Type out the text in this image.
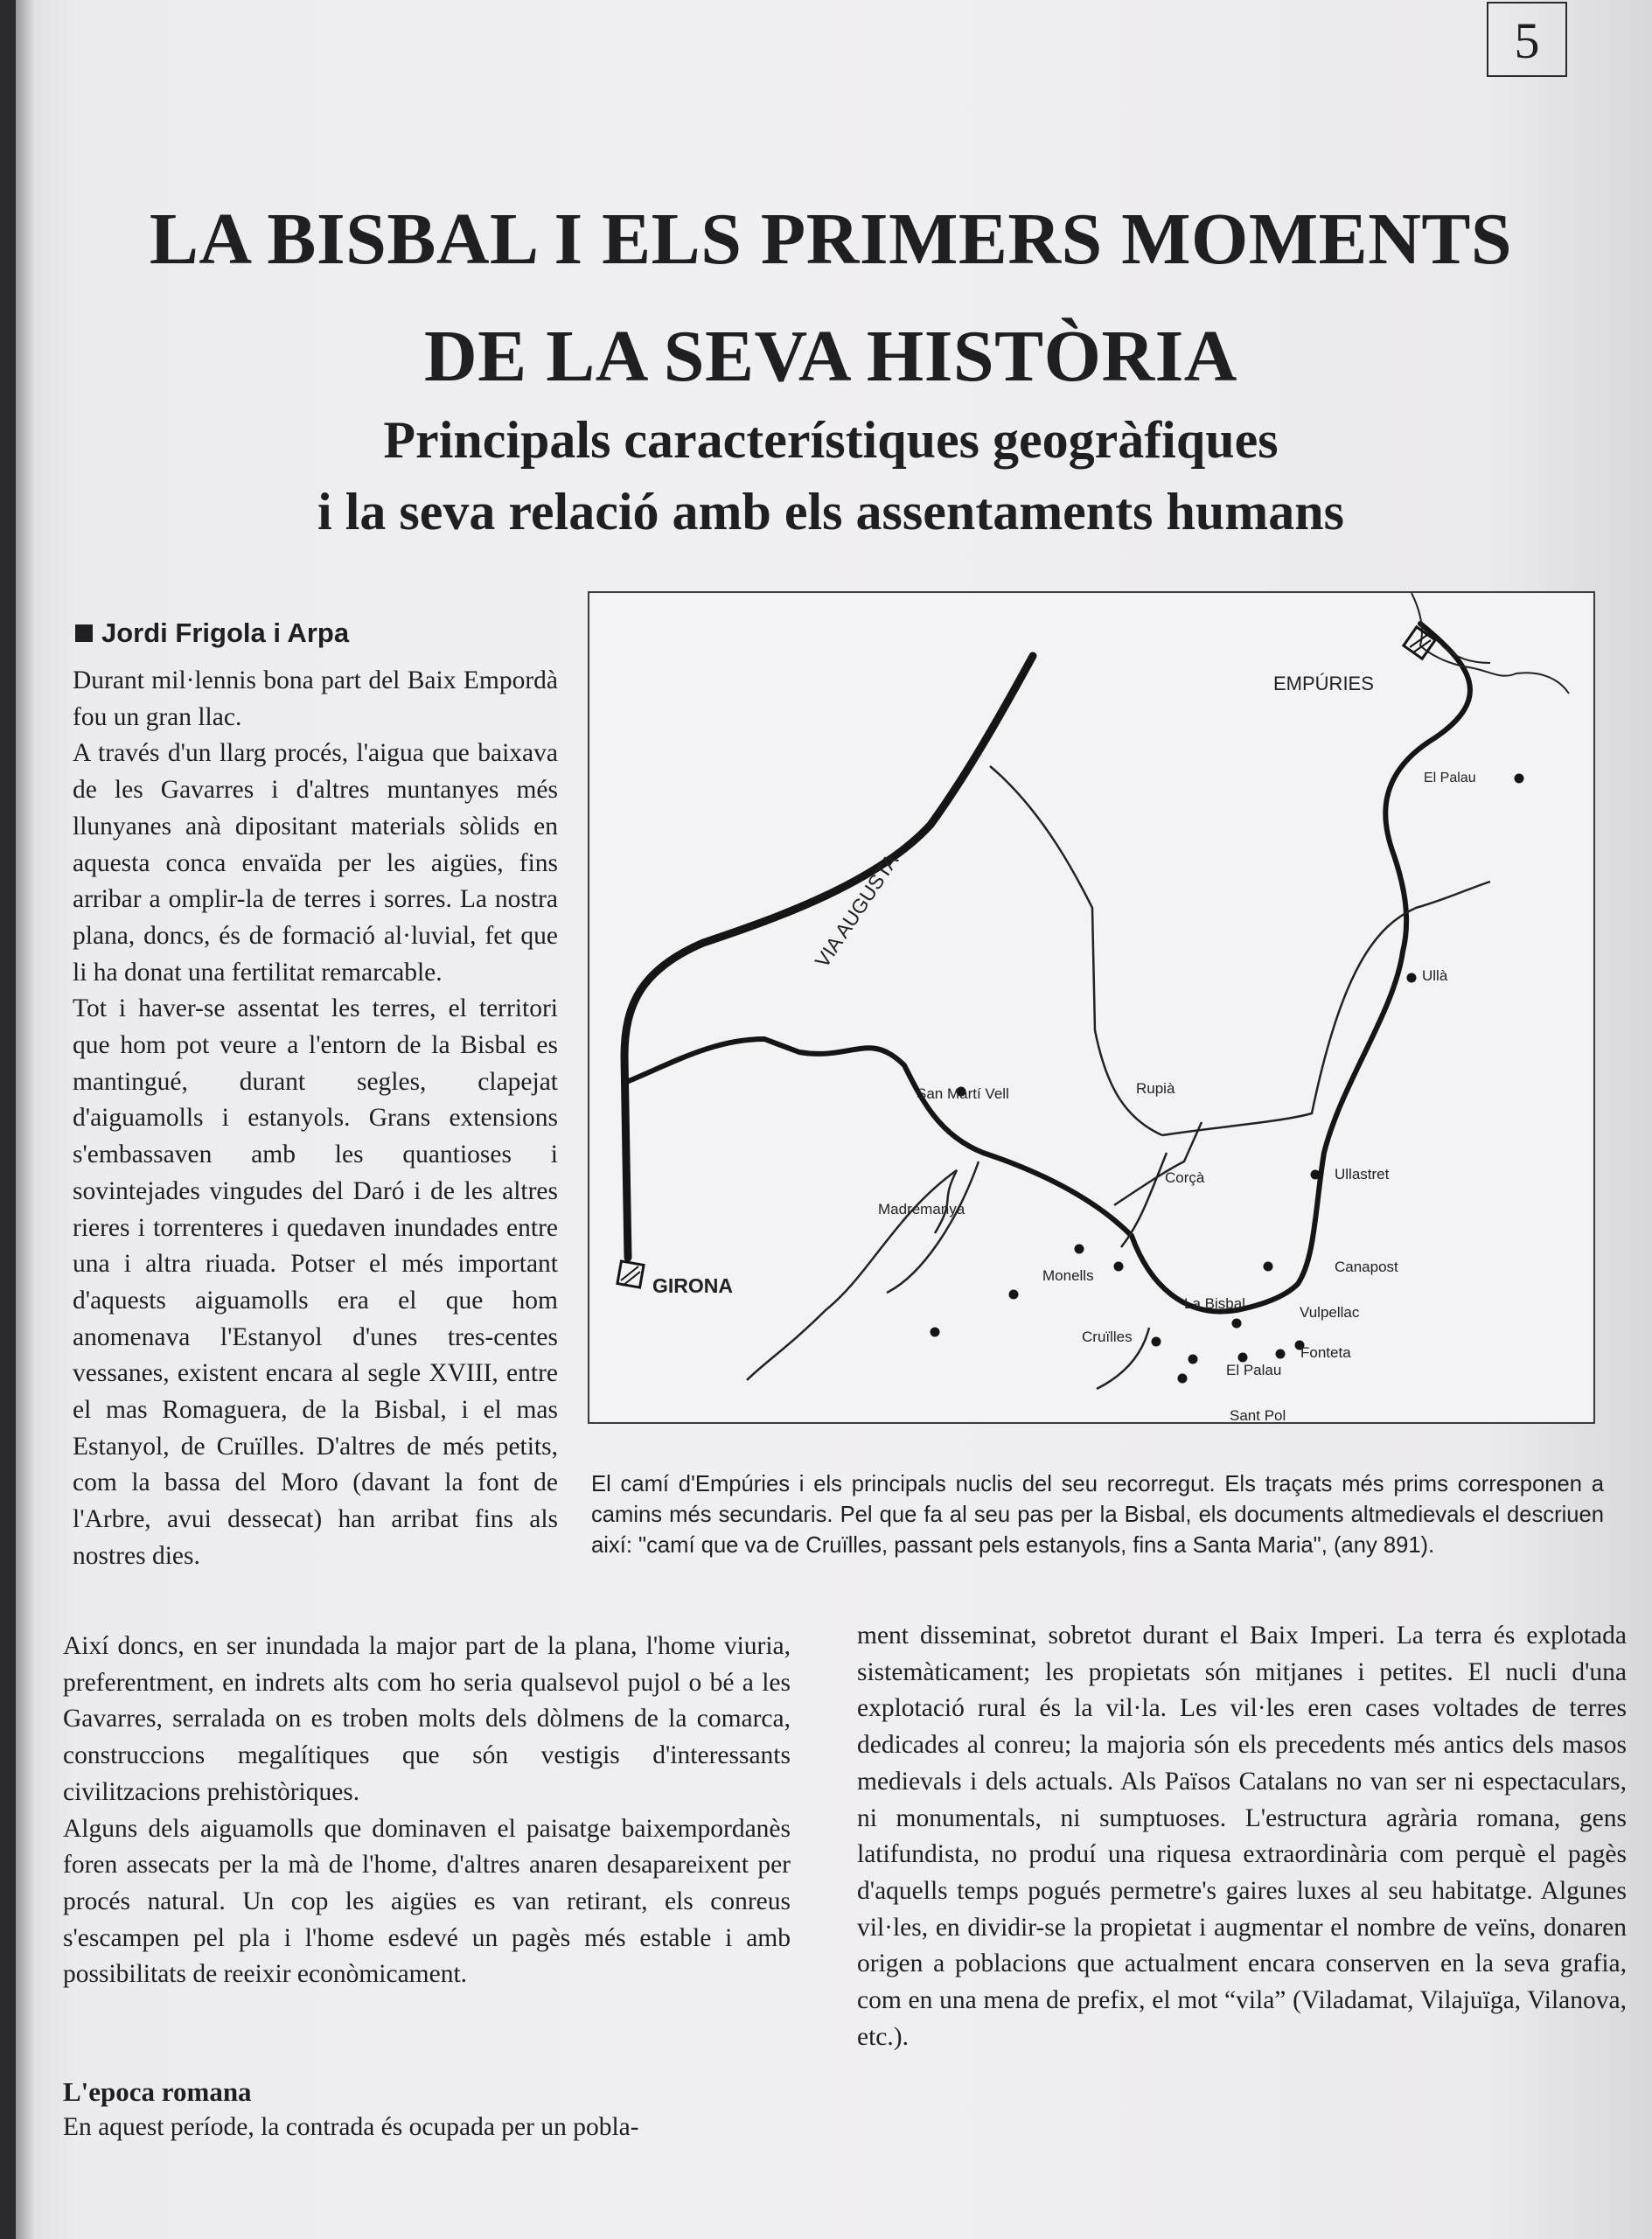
5
LA BISBAL I ELS PRIMERS MOMENTS
DE LA SEVA HISTÒRIA
Principals característiques geogràfiques
i la seva relació amb els assentaments humans
Jordi Frigola i Arpa

Durant mil·lennis bona part del Baix Empordà fou un gran llac.

A través d'un llarg procés, l'aigua que baixava de les Gavarres i d'altres muntanyes més llunyanes anà dipositant materials sòlids en aquesta conca envaïda per les aigües, fins arribar a omplir-la de terres i sorres. La nostra plana, doncs, és de formació al·luvial, fet que li ha donat una fertilitat remarcable.

Tot i haver-se assentat les terres, el territori que hom pot veure a l'entorn de la Bisbal es mantingué, durant segles, clapejat d'aiguamolls i estanyols. Grans extensions s'embassaven amb les quantioses i sovintejades vingudes del Daró i de les altres rieres i torrenteres i quedaven inundades entre una i altra riuada. Potser el més important d'aquests aiguamolls era el que hom anomenava l'Estanyol d'unes tres-centes vessanes, existent encara al segle XVIII, entre el mas Romaguera, de la Bisbal, i el mas Estanyol, de Cruïlles. D'altres de més petits, com la bassa del Moro (davant la font de l'Arbre, avui dessecat) han arribat fins als nostres dies.

EMPÚRIES
GIRONA
VIA AUGUSTA
El Palau
Ullà
Rupià
San Martí Vell
Corçà	Ullastret
Madremanya
Monells
Canapost
La Bisbal
Vulpellac
Cruïlles
Fonteta
El Palau
Sant Pol
El camí d'Empúries i els principals nuclis del seu recorregut. Els traçats més prims corresponen a camins més secundaris. Pel que fa al seu pas per la Bisbal, els documents altmedievals el descriuen així: "camí que va de Cruïlles, passant pels estanyols, fins a Santa Maria", (any 891).

Així doncs, en ser inundada la major part de la plana, l'home viuria, preferentment, en indrets alts com ho seria qualsevol pujol o bé a les Gavarres, serralada on es troben molts dels dòlmens de la comarca, construccions megalítiques que són vestigis d'interessants civilitzacions prehistòriques.

Alguns dels aiguamolls que dominaven el paisatge baixempordanès foren assecats per la mà de l'home, d'altres anaren desapareixent per procés natural. Un cop les aigües es van retirant, els conreus s'escampen pel pla i l'home esdevé un pagès més estable i amb possibilitats de reeixir econòmicament.

L'epoca romana
En aquest període, la contrada és ocupada per un pobla-
ment disseminat, sobretot durant el Baix Imperi. La terra és explotada sistemàticament; les propietats són mitjanes i petites. El nucli d'una explotació rural és la vil·la. Les vil·les eren cases voltades de terres dedicades al conreu; la majoria són els precedents més antics dels masos medievals i dels actuals. Als Països Catalans no van ser ni espectaculars, ni monumentals, ni sumptuoses. L'estructura agrària romana, gens latifundista, no produí una riquesa extraordinària com perquè el pagès d'aquells temps pogués permetre's gaires luxes al seu habitatge. Algunes vil·les, en dividir-se la propietat i augmentar el nombre de veïns, donaren origen a poblacions que actualment encara conserven en la seva grafia, com en una mena de prefix, el mot “vila” (Viladamat, Vilajuïga, Vilanova, etc.).
